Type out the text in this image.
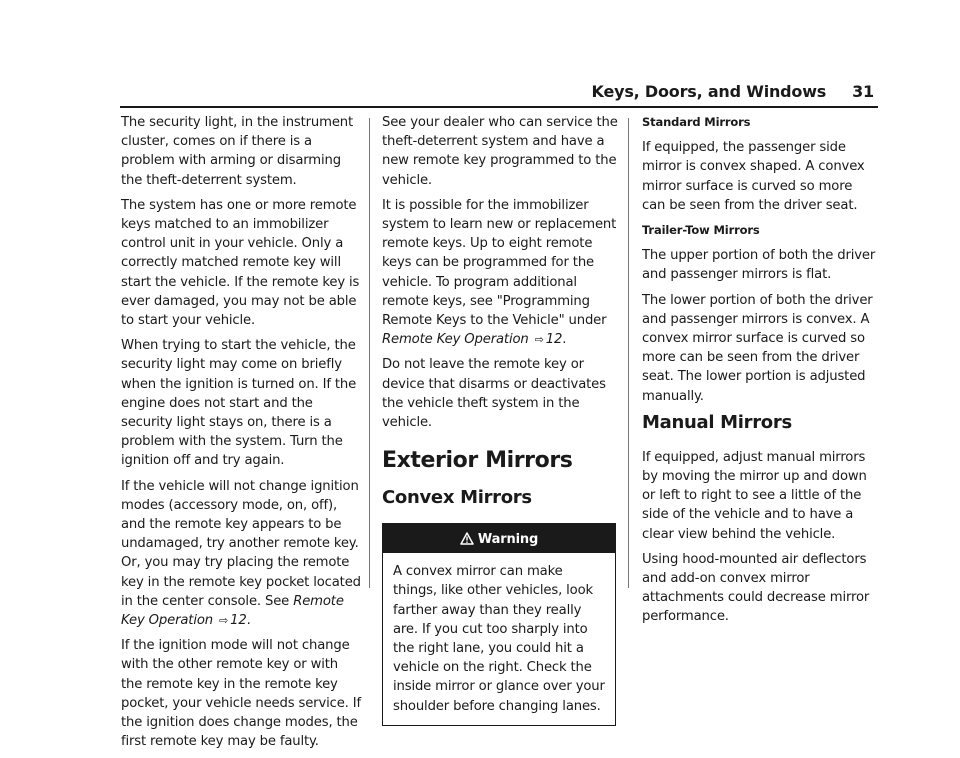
Keys, Doors, and Windows 31

The security light, in the instrument cluster, comes on if there is a problem with arming or disarming the theft-deterrent system.

The system has one or more remote keys matched to an immobilizer control unit in your vehicle. Only a correctly matched remote key will start the vehicle. If the remote key is ever damaged, you may not be able to start your vehicle.

When trying to start the vehicle, the security light may come on briefly when the ignition is turned on. If the engine does not start and the security light stays on, there is a problem with the system. Turn the ignition off and try again.

If the vehicle will not change ignition modes (accessory mode, on, off), and the remote key appears to be undamaged, try another remote key. Or, you may try placing the remote key in the remote key pocket located in the center console. See Remote Key Operation ⇨ 12.

If the ignition mode will not change with the other remote key or with the remote key in the remote key pocket, your vehicle needs service. If the ignition does change modes, the first remote key may be faulty.

See your dealer who can service the theft-deterrent system and have a new remote key programmed to the vehicle.

It is possible for the immobilizer system to learn new or replacement remote keys. Up to eight remote keys can be programmed for the vehicle. To program additional remote keys, see "Programming Remote Keys to the Vehicle" under Remote Key Operation ⇨ 12.

Do not leave the remote key or device that disarms or deactivates the vehicle theft system in the vehicle.

Exterior Mirrors
Convex Mirrors
Warning

A convex mirror can make things, like other vehicles, look farther away than they really are. If you cut too sharply into the right lane, you could hit a vehicle on the right. Check the inside mirror or glance over your shoulder before changing lanes.

Standard Mirrors

If equipped, the passenger side mirror is convex shaped. A convex mirror surface is curved so more can be seen from the driver seat.

Trailer-Tow Mirrors

The upper portion of both the driver and passenger mirrors is flat.

The lower portion of both the driver and passenger mirrors is convex. A convex mirror surface is curved so more can be seen from the driver seat. The lower portion is adjusted manually.

Manual Mirrors

If equipped, adjust manual mirrors by moving the mirror up and down or left to right to see a little of the side of the vehicle and to have a clear view behind the vehicle.

Using hood-mounted air deflectors and add-on convex mirror attachments could decrease mirror performance.
